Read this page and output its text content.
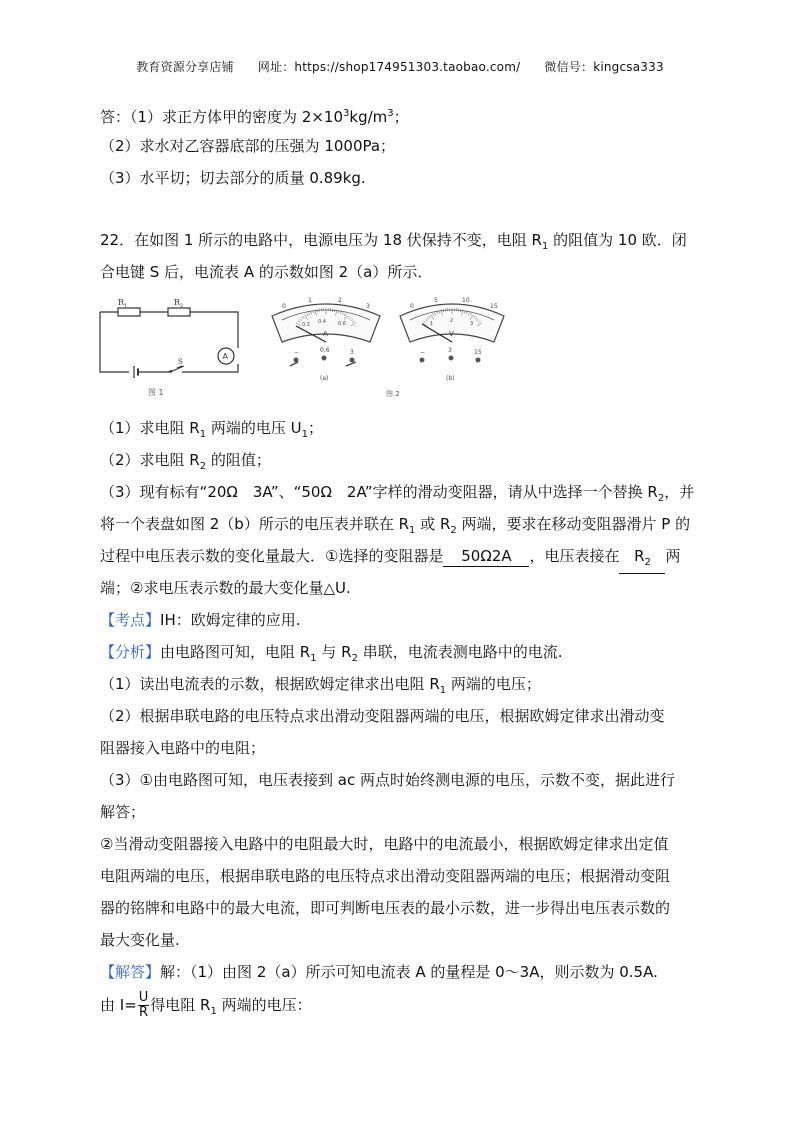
教育资源分享店铺 网址：https://shop174951303.taobao.com/ 微信号：kingcsa333
答：（1）求正方体甲的密度为 $2\times 10^3kg/m^3$；
（2）求水对乙容器底部的压强为 1000Pa；
（3）水平切；切去部分的质量 0.89kg.
22．在如图 1 所示的电路中，电源电压为 18 伏保持不变，电阻 $R_1$ 的阻值为 10 欧．闭
合电键 S 后，电流表 A 的示数如图 2（a）所示．
R 1	R 2
A
S
图 1
0
1	2
3
0.2 0.4 0.6
A
−	0.6	3
(a)
0
5	10
15
1	2	3
V
−	3	15
(b)
图 2
（1）求电阻 $R_1$ 两端的电压 $U_1$；
（2）求电阻 $R_2$ 的阻值；
（3）现有标有“20Ω　3A”、“50Ω　2A”字样的滑动变阻器，请从中选择一个替换 $R_2$，并
将一个表盘如图 2（b）所示的电压表并联在 $R_1$ 或 $R_2$ 两端，要求在移动变阻器滑片 P 的
过程中电压表示数的变化量最大．①选择的变阻器是 50Ω2A ，电压表接在 $R_2$ 两
端；②求电压表示数的最大变化量△U.
【考点】IH：欧姆定律的应用.
【分析】由电路图可知，电阻 $R_1$ 与 $R_2$ 串联，电流表测电路中的电流.
（1）读出电流表的示数，根据欧姆定律求出电阻 $R_1$ 两端的电压；
（2）根据串联电路的电压特点求出滑动变阻器两端的电压，根据欧姆定律求出滑动变
阻器接入电路中的电阻；
（3）①由电路图可知，电压表接到 ac 两点时始终测电源的电压，示数不变，据此进行
解答；
②当滑动变阻器接入电路中的电阻最大时，电路中的电流最小，根据欧姆定律求出定值
电阻两端的电压，根据串联电路的电压特点求出滑动变阻器两端的电压；根据滑动变阻
器的铭牌和电路中的最大电流，即可判断电压表的最小示数，进一步得出电压表示数的
最大变化量.
【解答】解：（1）由图 2（a）所示可知电流表 A 的量程是 0～3A，则示数为 0.5A.
由 $I= \frac{U}{R}$ 得电阻 $R_1$ 两端的电压：
